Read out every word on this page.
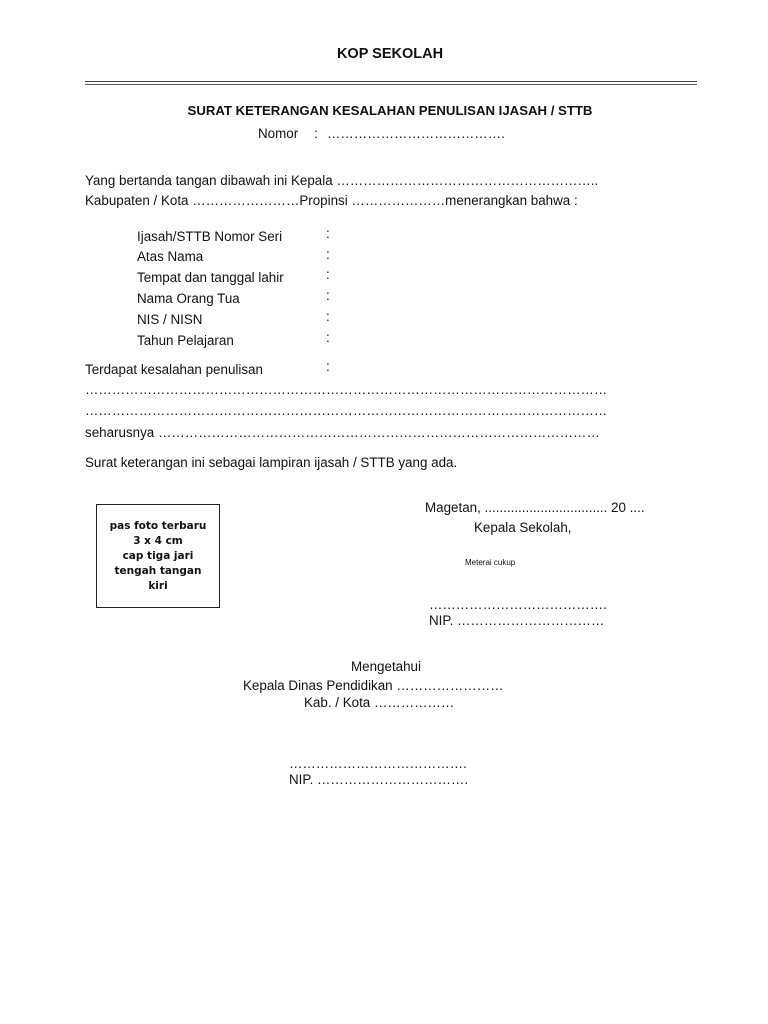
KOP SEKOLAH
SURAT KETERANGAN KESALAHAN PENULISAN IJASAH / STTB
Nomor : ………………………………….
Yang bertanda tangan dibawah ini Kepala …………………………………………………..
Kabupaten / Kota ……………………Propinsi …………………menerangkan bahwa :
Ijasah/STTB Nomor Seri	:
Atas Nama	:
Tempat dan tanggal lahir	:
Nama Orang Tua	:
NIS / NISN	:
Tahun Pelajaran	:
Terdapat kesalahan penulisan	:
………………………………………………………………………………………………………
………………………………………………………………………………………………………
seharusnya ………………………………………………………………………………………
Surat keterangan ini sebagai lampiran ijasah / STTB yang ada.
pas foto terbaru
3 x 4 cm
cap tiga jari
tengah tangan
kiri
Magetan, ................................. 20 ....
Kepala Sekolah,
Meterai cukup
………………………………….
NIP. ……………………………
Mengetahui
Kepala Dinas Pendidikan ……………………
Kab. / Kota ………………
………………………………….
NIP. …………………………….
